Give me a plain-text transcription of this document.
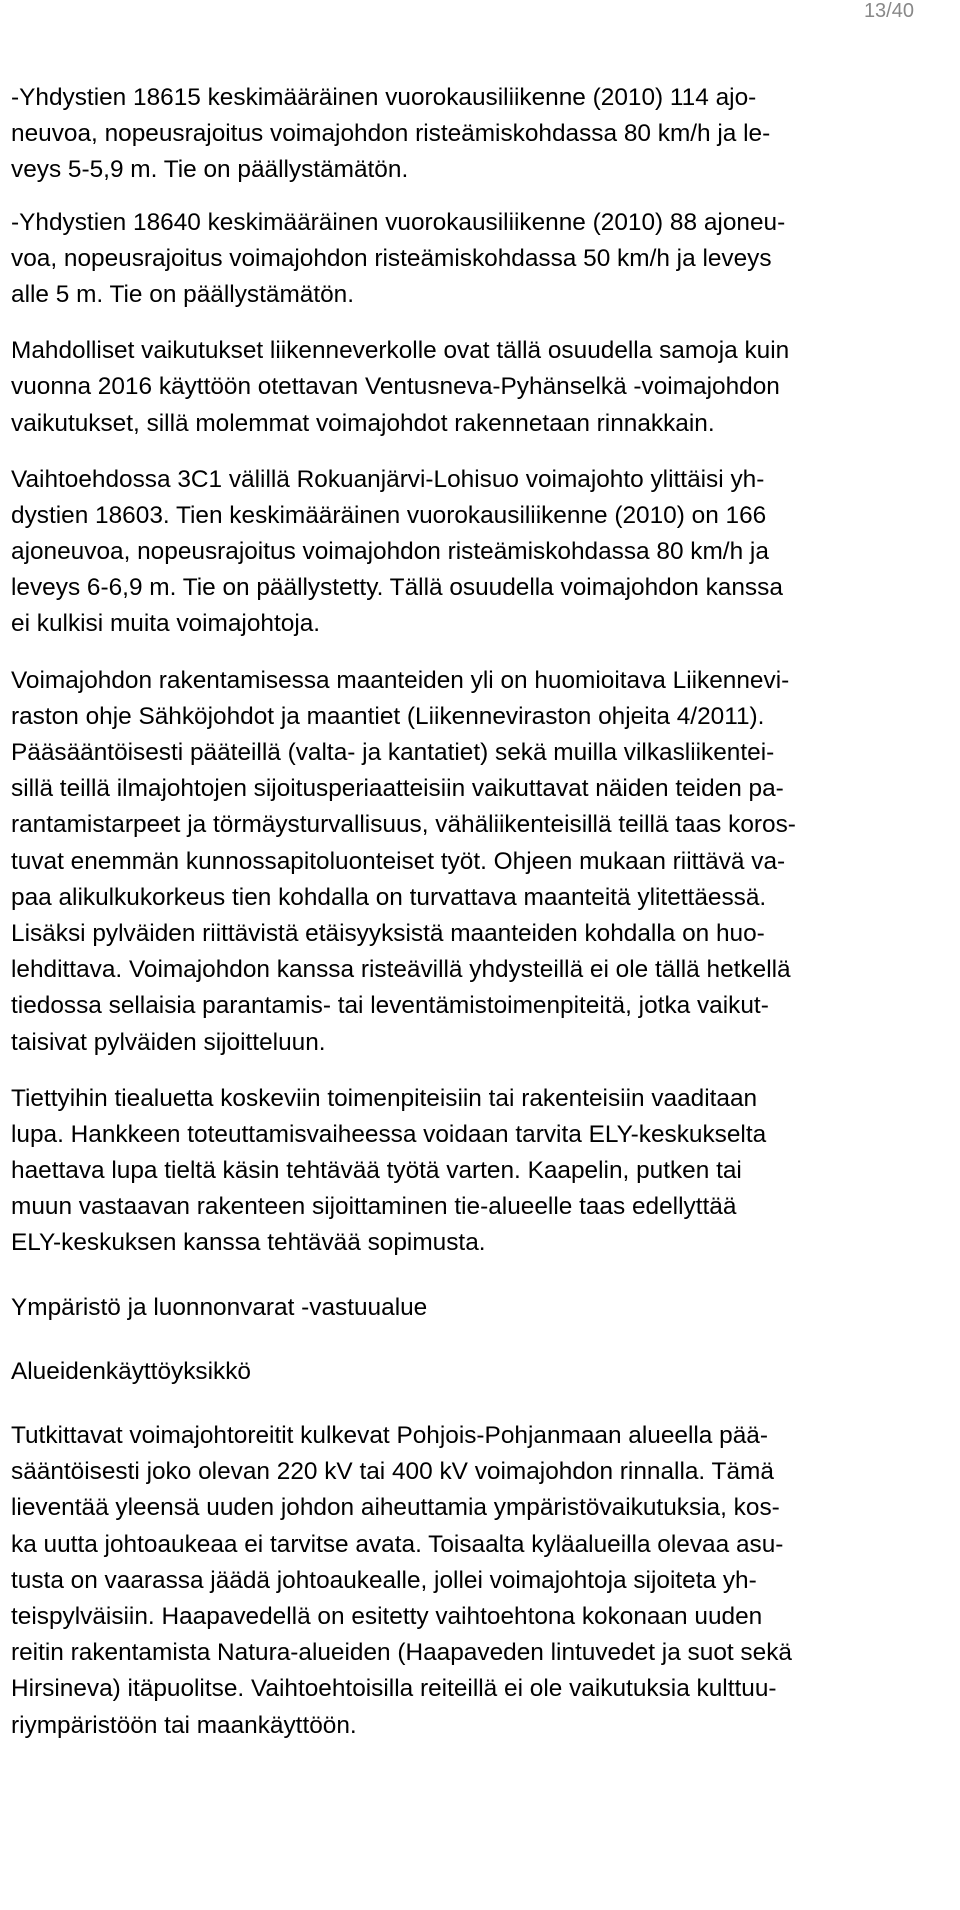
13/40
-Yhdystien 18615 keskimääräinen vuorokausiliikenne (2010) 114 ajo-
neuvoa, nopeusrajoitus voimajohdon risteämiskohdassa 80 km/h ja le-
veys 5-5,9 m. Tie on päällystämätön.
-Yhdystien 18640 keskimääräinen vuorokausiliikenne (2010) 88 ajoneu-
voa, nopeusrajoitus voimajohdon risteämiskohdassa 50 km/h ja leveys
alle 5 m. Tie on päällystämätön.
Mahdolliset vaikutukset liikenneverkolle ovat tällä osuudella samoja kuin
vuonna 2016 käyttöön otettavan Ventusneva-Pyhänselkä -voimajohdon
vaikutukset, sillä molemmat voimajohdot rakennetaan rinnakkain.
Vaihtoehdossa 3C1 välillä Rokuanjärvi-Lohisuo voimajohto ylittäisi yh-
dystien 18603. Tien keskimääräinen vuorokausiliikenne (2010) on 166
ajoneuvoa, nopeusrajoitus voimajohdon risteämiskohdassa 80 km/h ja
leveys 6-6,9 m. Tie on päällystetty. Tällä osuudella voimajohdon kanssa
ei kulkisi muita voimajohtoja.
Voimajohdon rakentamisessa maanteiden yli on huomioitava Liikennevi-
raston ohje Sähköjohdot ja maantiet (Liikenneviraston ohjeita 4/2011).
Pääsääntöisesti pääteillä (valta- ja kantatiet) sekä muilla vilkasliikentei-
sillä teillä ilmajohtojen sijoitusperiaatteisiin vaikuttavat näiden teiden pa-
rantamistarpeet ja törmäysturvallisuus, vähäliikenteisillä teillä taas koros-
tuvat enemmän kunnossapitoluonteiset työt. Ohjeen mukaan riittävä va-
paa alikulkukorkeus tien kohdalla on turvattava maanteitä ylitettäessä.
Lisäksi pylväiden riittävistä etäisyyksistä maanteiden kohdalla on huo-
lehdittava. Voimajohdon kanssa risteävillä yhdysteillä ei ole tällä hetkellä
tiedossa sellaisia parantamis- tai leventämistoimenpiteitä, jotka vaikut-
taisivat pylväiden sijoitteluun.
Tiettyihin tiealuetta koskeviin toimenpiteisiin tai rakenteisiin vaaditaan
lupa. Hankkeen toteuttamisvaiheessa voidaan tarvita ELY-keskukselta
haettava lupa tieltä käsin tehtävää työtä varten. Kaapelin, putken tai
muun vastaavan rakenteen sijoittaminen tie-alueelle taas edellyttää
ELY-keskuksen kanssa tehtävää sopimusta.
Ympäristö ja luonnonvarat -vastuualue
Alueidenkäyttöyksikkö
Tutkittavat voimajohtoreitit kulkevat Pohjois-Pohjanmaan alueella pää-
sääntöisesti joko olevan 220 kV tai 400 kV voimajohdon rinnalla. Tämä
lieventää yleensä uuden johdon aiheuttamia ympäristövaikutuksia, kos-
ka uutta johtoaukeaa ei tarvitse avata. Toisaalta kyläalueilla olevaa asu-
tusta on vaarassa jäädä johtoaukealle, jollei voimajohtoja sijoiteta yh-
teispylväisiin. Haapavedellä on esitetty vaihtoehtona kokonaan uuden
reitin rakentamista Natura-alueiden (Haapaveden lintuvedet ja suot sekä
Hirsineva) itäpuolitse. Vaihtoehtoisilla reiteillä ei ole vaikutuksia kulttuu-
riympäristöön tai maankäyttöön.
